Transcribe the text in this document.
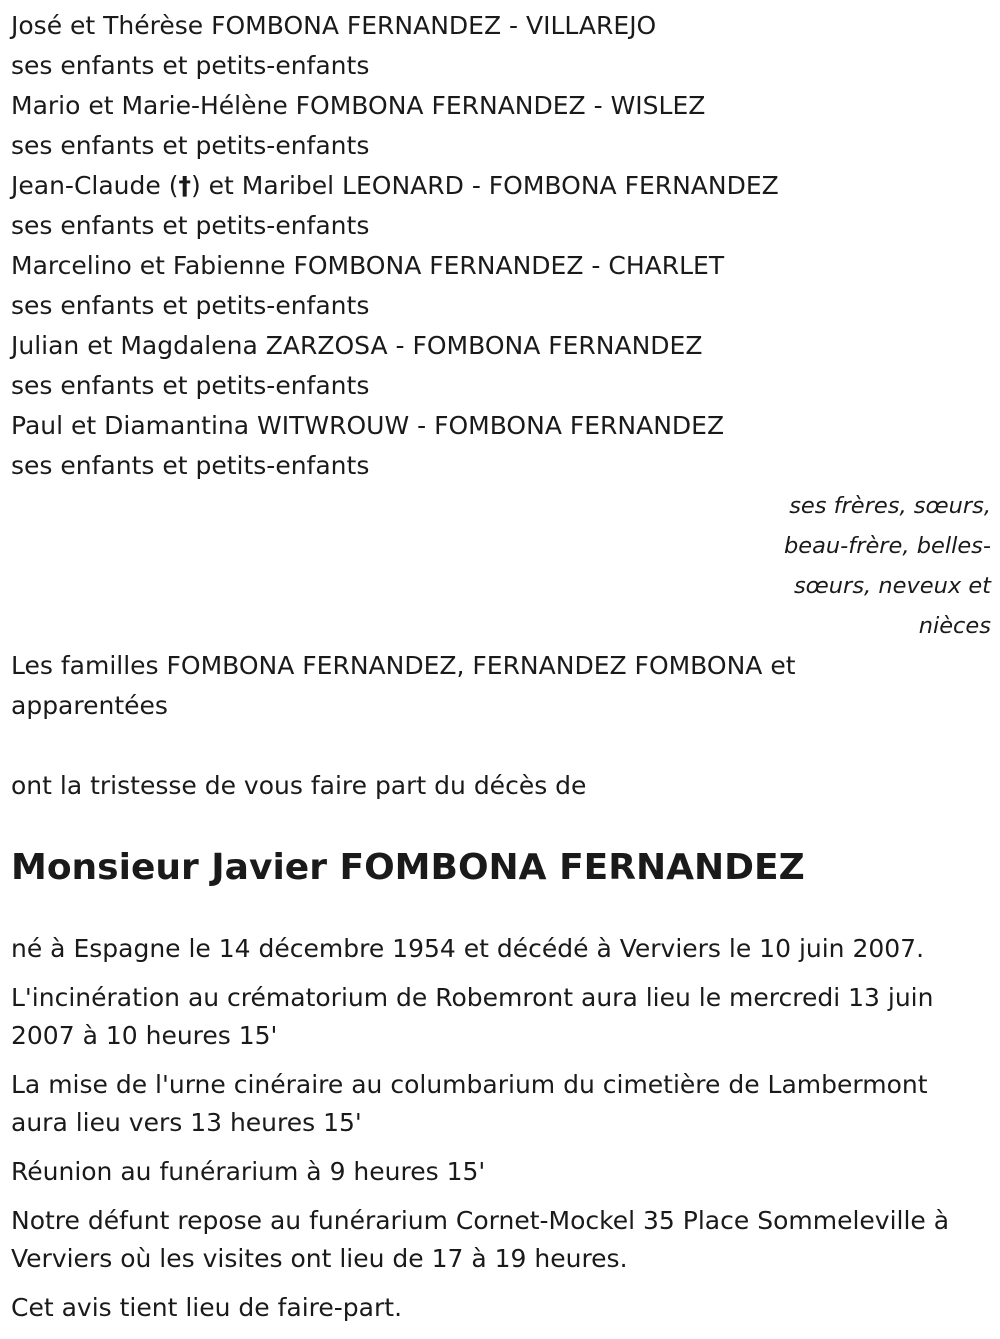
José et Thérèse FOMBONA FERNANDEZ - VILLAREJO
ses enfants et petits-enfants
Mario et Marie-Hélène FOMBONA FERNANDEZ - WISLEZ
ses enfants et petits-enfants
Jean-Claude (†) et Maribel LEONARD - FOMBONA FERNANDEZ
ses enfants et petits-enfants
Marcelino et Fabienne FOMBONA FERNANDEZ - CHARLET
ses enfants et petits-enfants
Julian et Magdalena ZARZOSA - FOMBONA FERNANDEZ
ses enfants et petits-enfants
Paul et Diamantina WITWROUW - FOMBONA FERNANDEZ
ses enfants et petits-enfants
ses frères, sœurs,
beau-frère, belles-
sœurs, neveux et
nièces
Les familles FOMBONA FERNANDEZ, FERNANDEZ FOMBONA et apparentées
ont la tristesse de vous faire part du décès de
Monsieur Javier FOMBONA FERNANDEZ

né à Espagne le 14 décembre 1954 et décédé à Verviers le 10 juin 2007.

L'incinération au crématorium de Robemront aura lieu le mercredi 13 juin 2007 à 10 heures 15'

La mise de l'urne cinéraire au columbarium du cimetière de Lambermont aura lieu vers 13 heures 15'

Réunion au funérarium à 9 heures 15'

Notre défunt repose au funérarium Cornet-Mockel 35 Place Sommeleville à Verviers où les visites ont lieu de 17 à 19 heures.

Cet avis tient lieu de faire-part.
